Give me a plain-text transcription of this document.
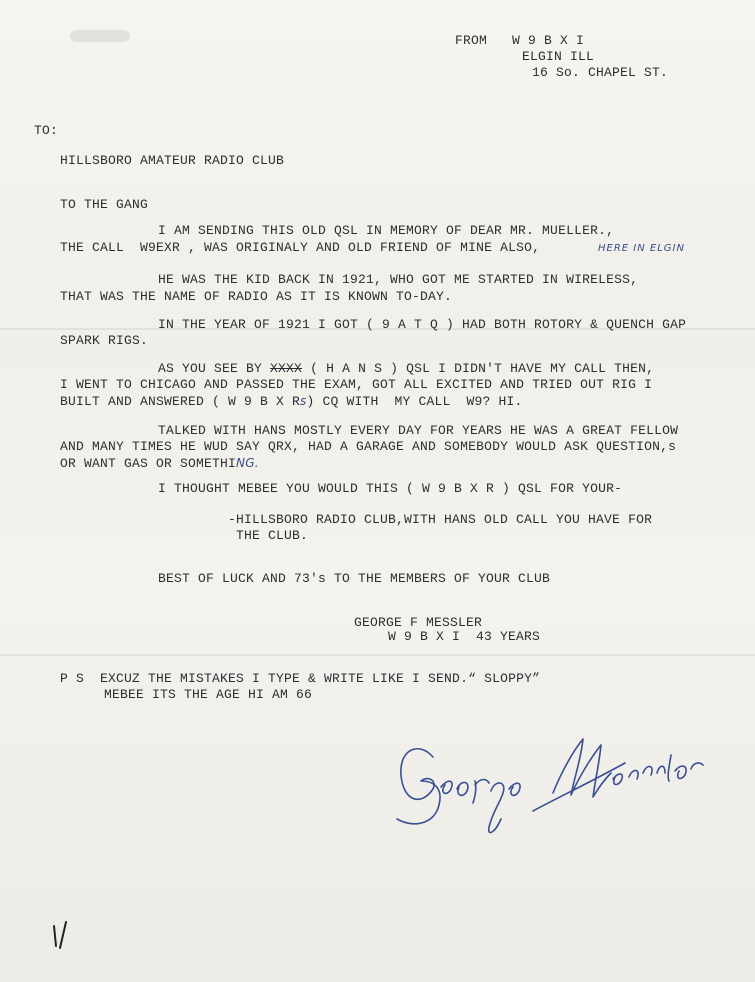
FROM W 9 B X I
ELGIN ILL
16 So. CHAPEL ST.
TO:
HILLSBORO AMATEUR RADIO CLUB
TO THE GANG
I AM SENDING THIS OLD QSL IN MEMORY OF DEAR MR. MUELLER.,
THE CALL  W9EXR , WAS ORIGINALY AND OLD FRIEND OF MINE ALSO,	HERE IN ELGIN
HE WAS THE KID BACK IN 1921, WHO GOT ME STARTED IN WIRELESS,
THAT WAS THE NAME OF RADIO AS IT IS KNOWN TO-DAY.
IN THE YEAR OF 1921 I GOT ( 9 A T Q ) HAD BOTH ROTORY & QUENCH GAP
SPARK RIGS.
AS YOU SEE BY XXXX ( H A N S ) QSL I DIDN'T HAVE MY CALL THEN,
I WENT TO CHICAGO AND PASSED THE EXAM, GOT ALL EXCITED AND TRIED OUT RIG I
BUILT AND ANSWERED ( W 9 B X Rs) CQ WITH  MY CALL  W9? HI.
TALKED WITH HANS MOSTLY EVERY DAY FOR YEARS HE WAS A GREAT FELLOW
AND MANY TIMES HE WUD SAY QRX, HAD A GARAGE AND SOMEBODY WOULD ASK QUESTION,s
OR WANT GAS OR SOMETHING.
I THOUGHT MEBEE YOU WOULD THIS ( W 9 B X R ) QSL FOR YOUR-
-HILLSBORO RADIO CLUB,WITH HANS OLD CALL YOU HAVE FOR
THE CLUB.
BEST OF LUCK AND 73's TO THE MEMBERS OF YOUR CLUB
GEORGE F MESSLER
W 9 B X I  43 YEARS
P S  EXCUZ THE MISTAKES I TYPE & WRITE LIKE I SEND.“ SLOPPY”
MEBEE ITS THE AGE HI AM 66
